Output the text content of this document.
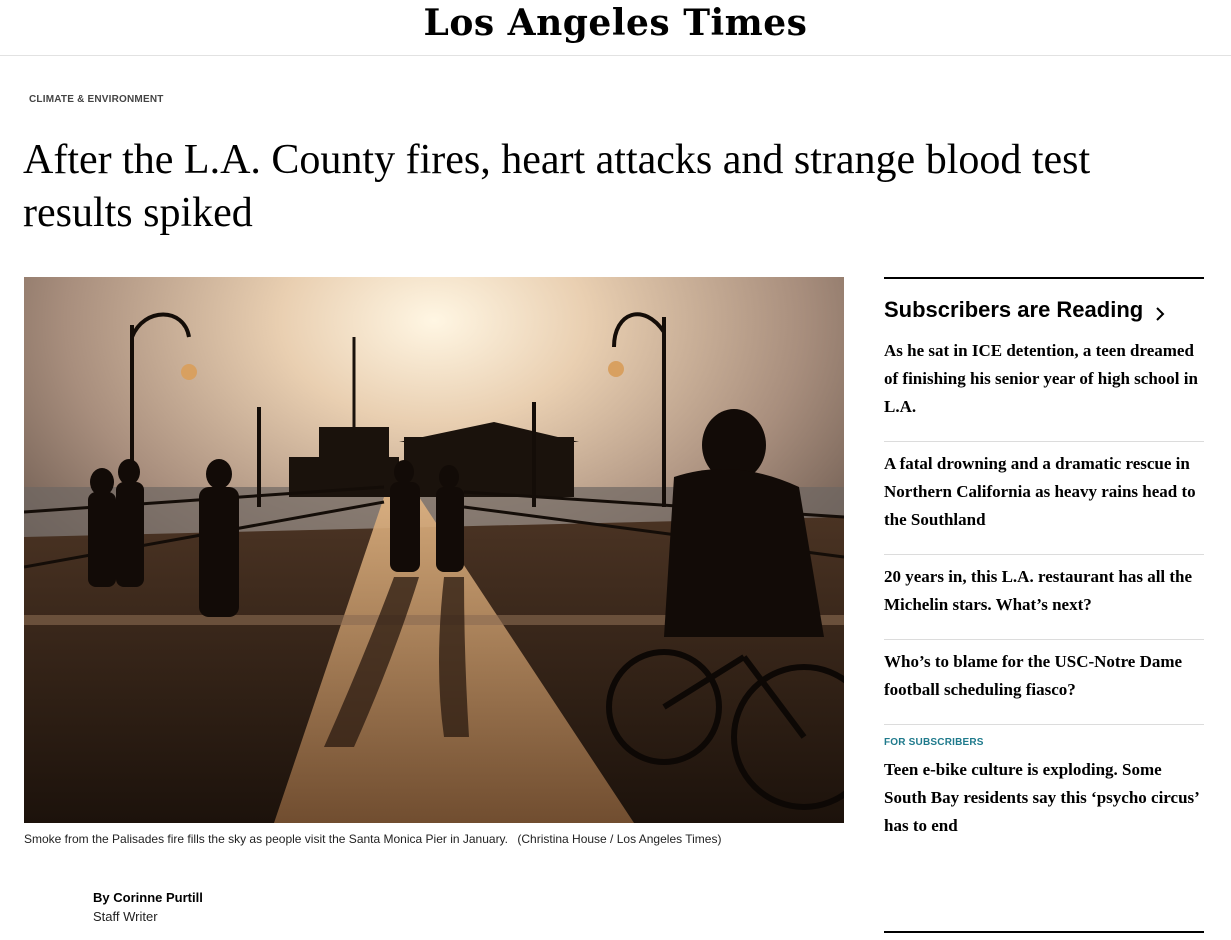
Los Angeles Times
CLIMATE & ENVIRONMENT
After the L.A. County fires, heart attacks and strange blood test results spiked
Smoke from the Palisades fire fills the sky as people visit the Santa Monica Pier in January. (Christina House / Los Angeles Times)
By Corinne Purtill
Staff Writer
Subscribers are Reading
As he sat in ICE detention, a teen dreamed of finishing his senior year of high school in L.A.
A fatal drowning and a dramatic rescue in Northern California as heavy rains head to the Southland
20 years in, this L.A. restaurant has all the Michelin stars. What’s next?
Who’s to blame for the USC-Notre Dame football scheduling fiasco?
FOR SUBSCRIBERS
Teen e-bike culture is exploding. Some South Bay residents say this ‘psycho circus’ has to end
